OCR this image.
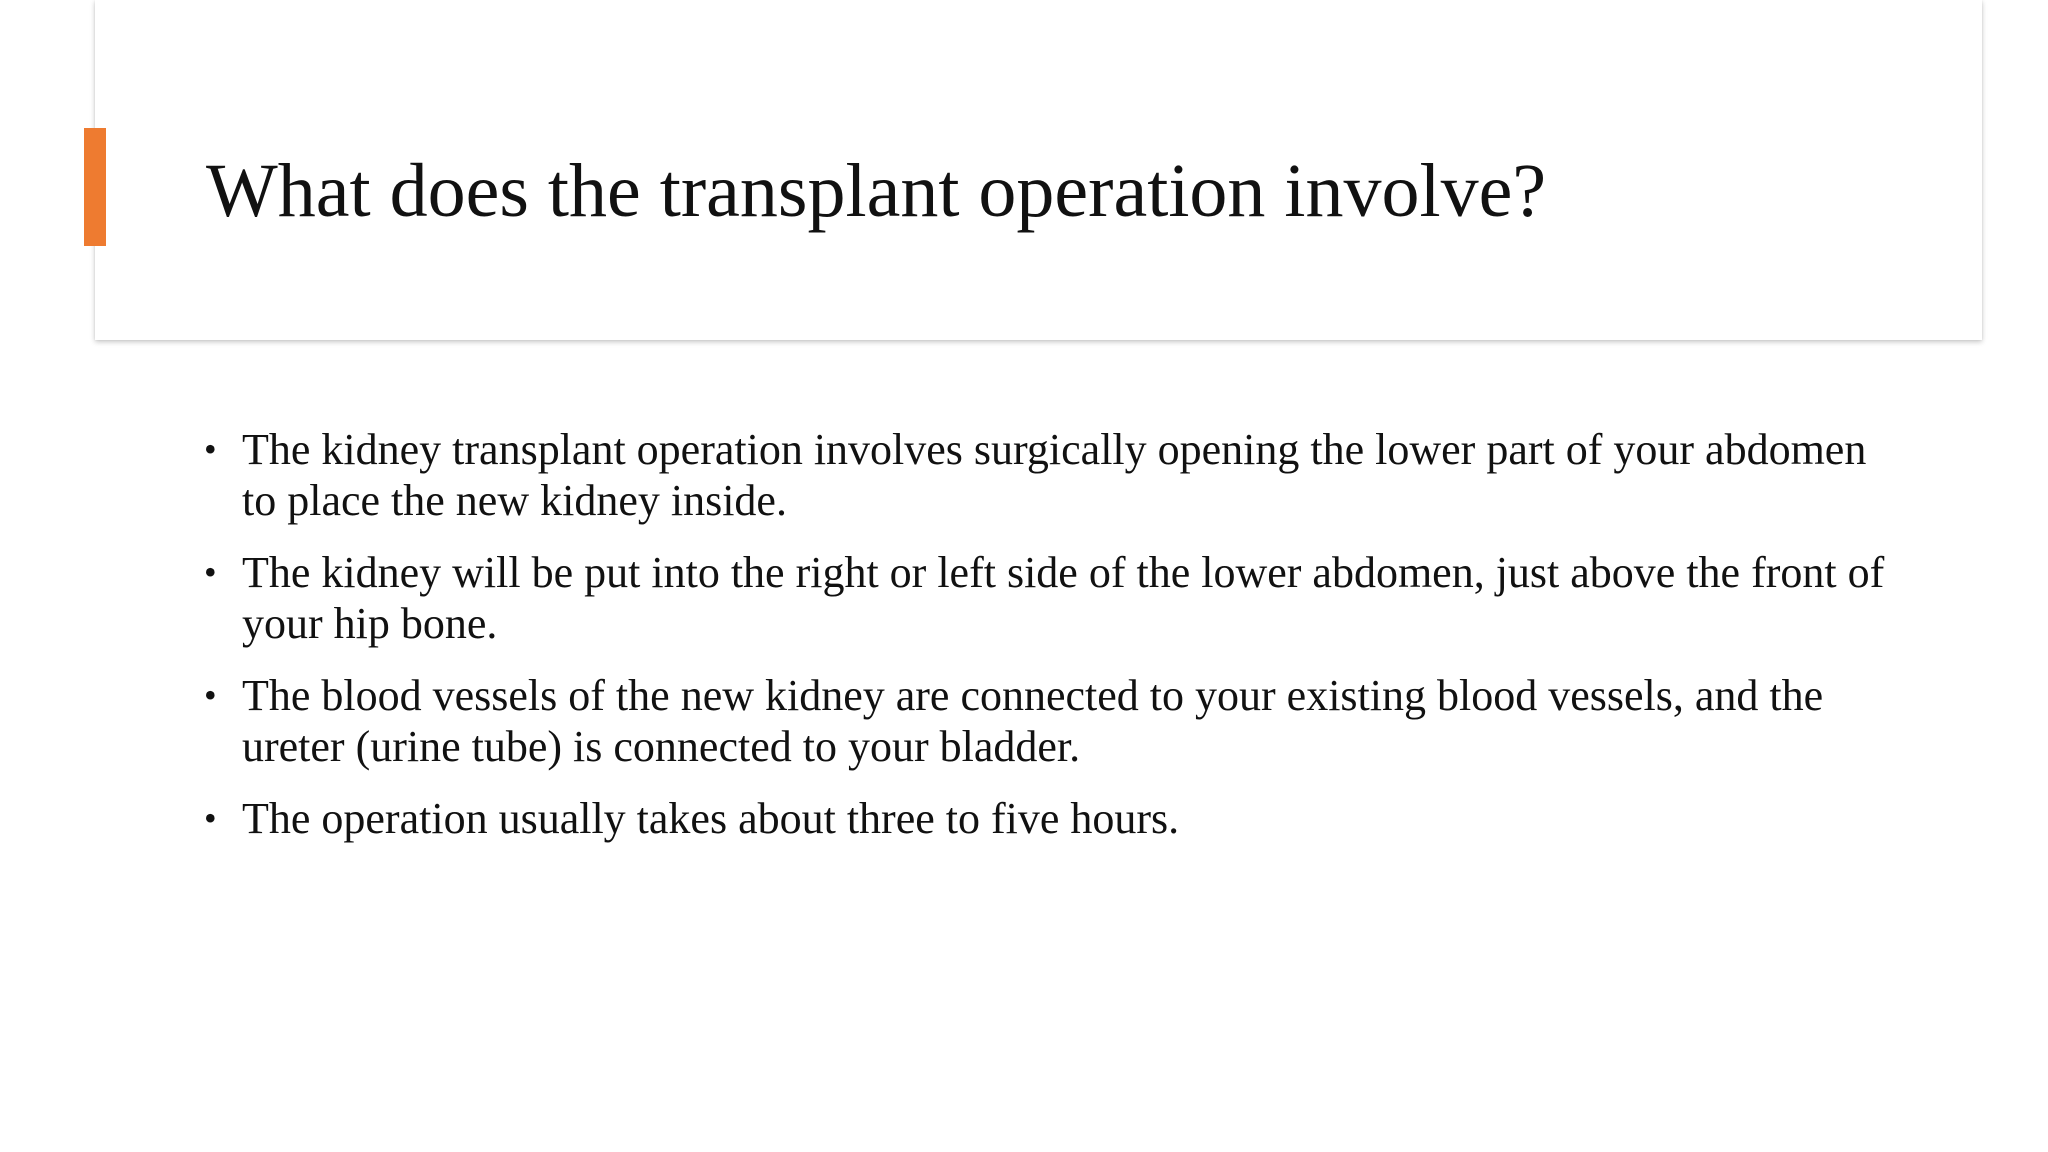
What does the transplant operation involve?
• The kidney transplant operation involves surgically opening the lower part of your abdomen to place the new kidney inside.
• The kidney will be put into the right or left side of the lower abdomen, just above the front of your hip bone.
• The blood vessels of the new kidney are connected to your existing blood vessels, and the ureter (urine tube) is connected to your bladder.
• The operation usually takes about three to five hours.
